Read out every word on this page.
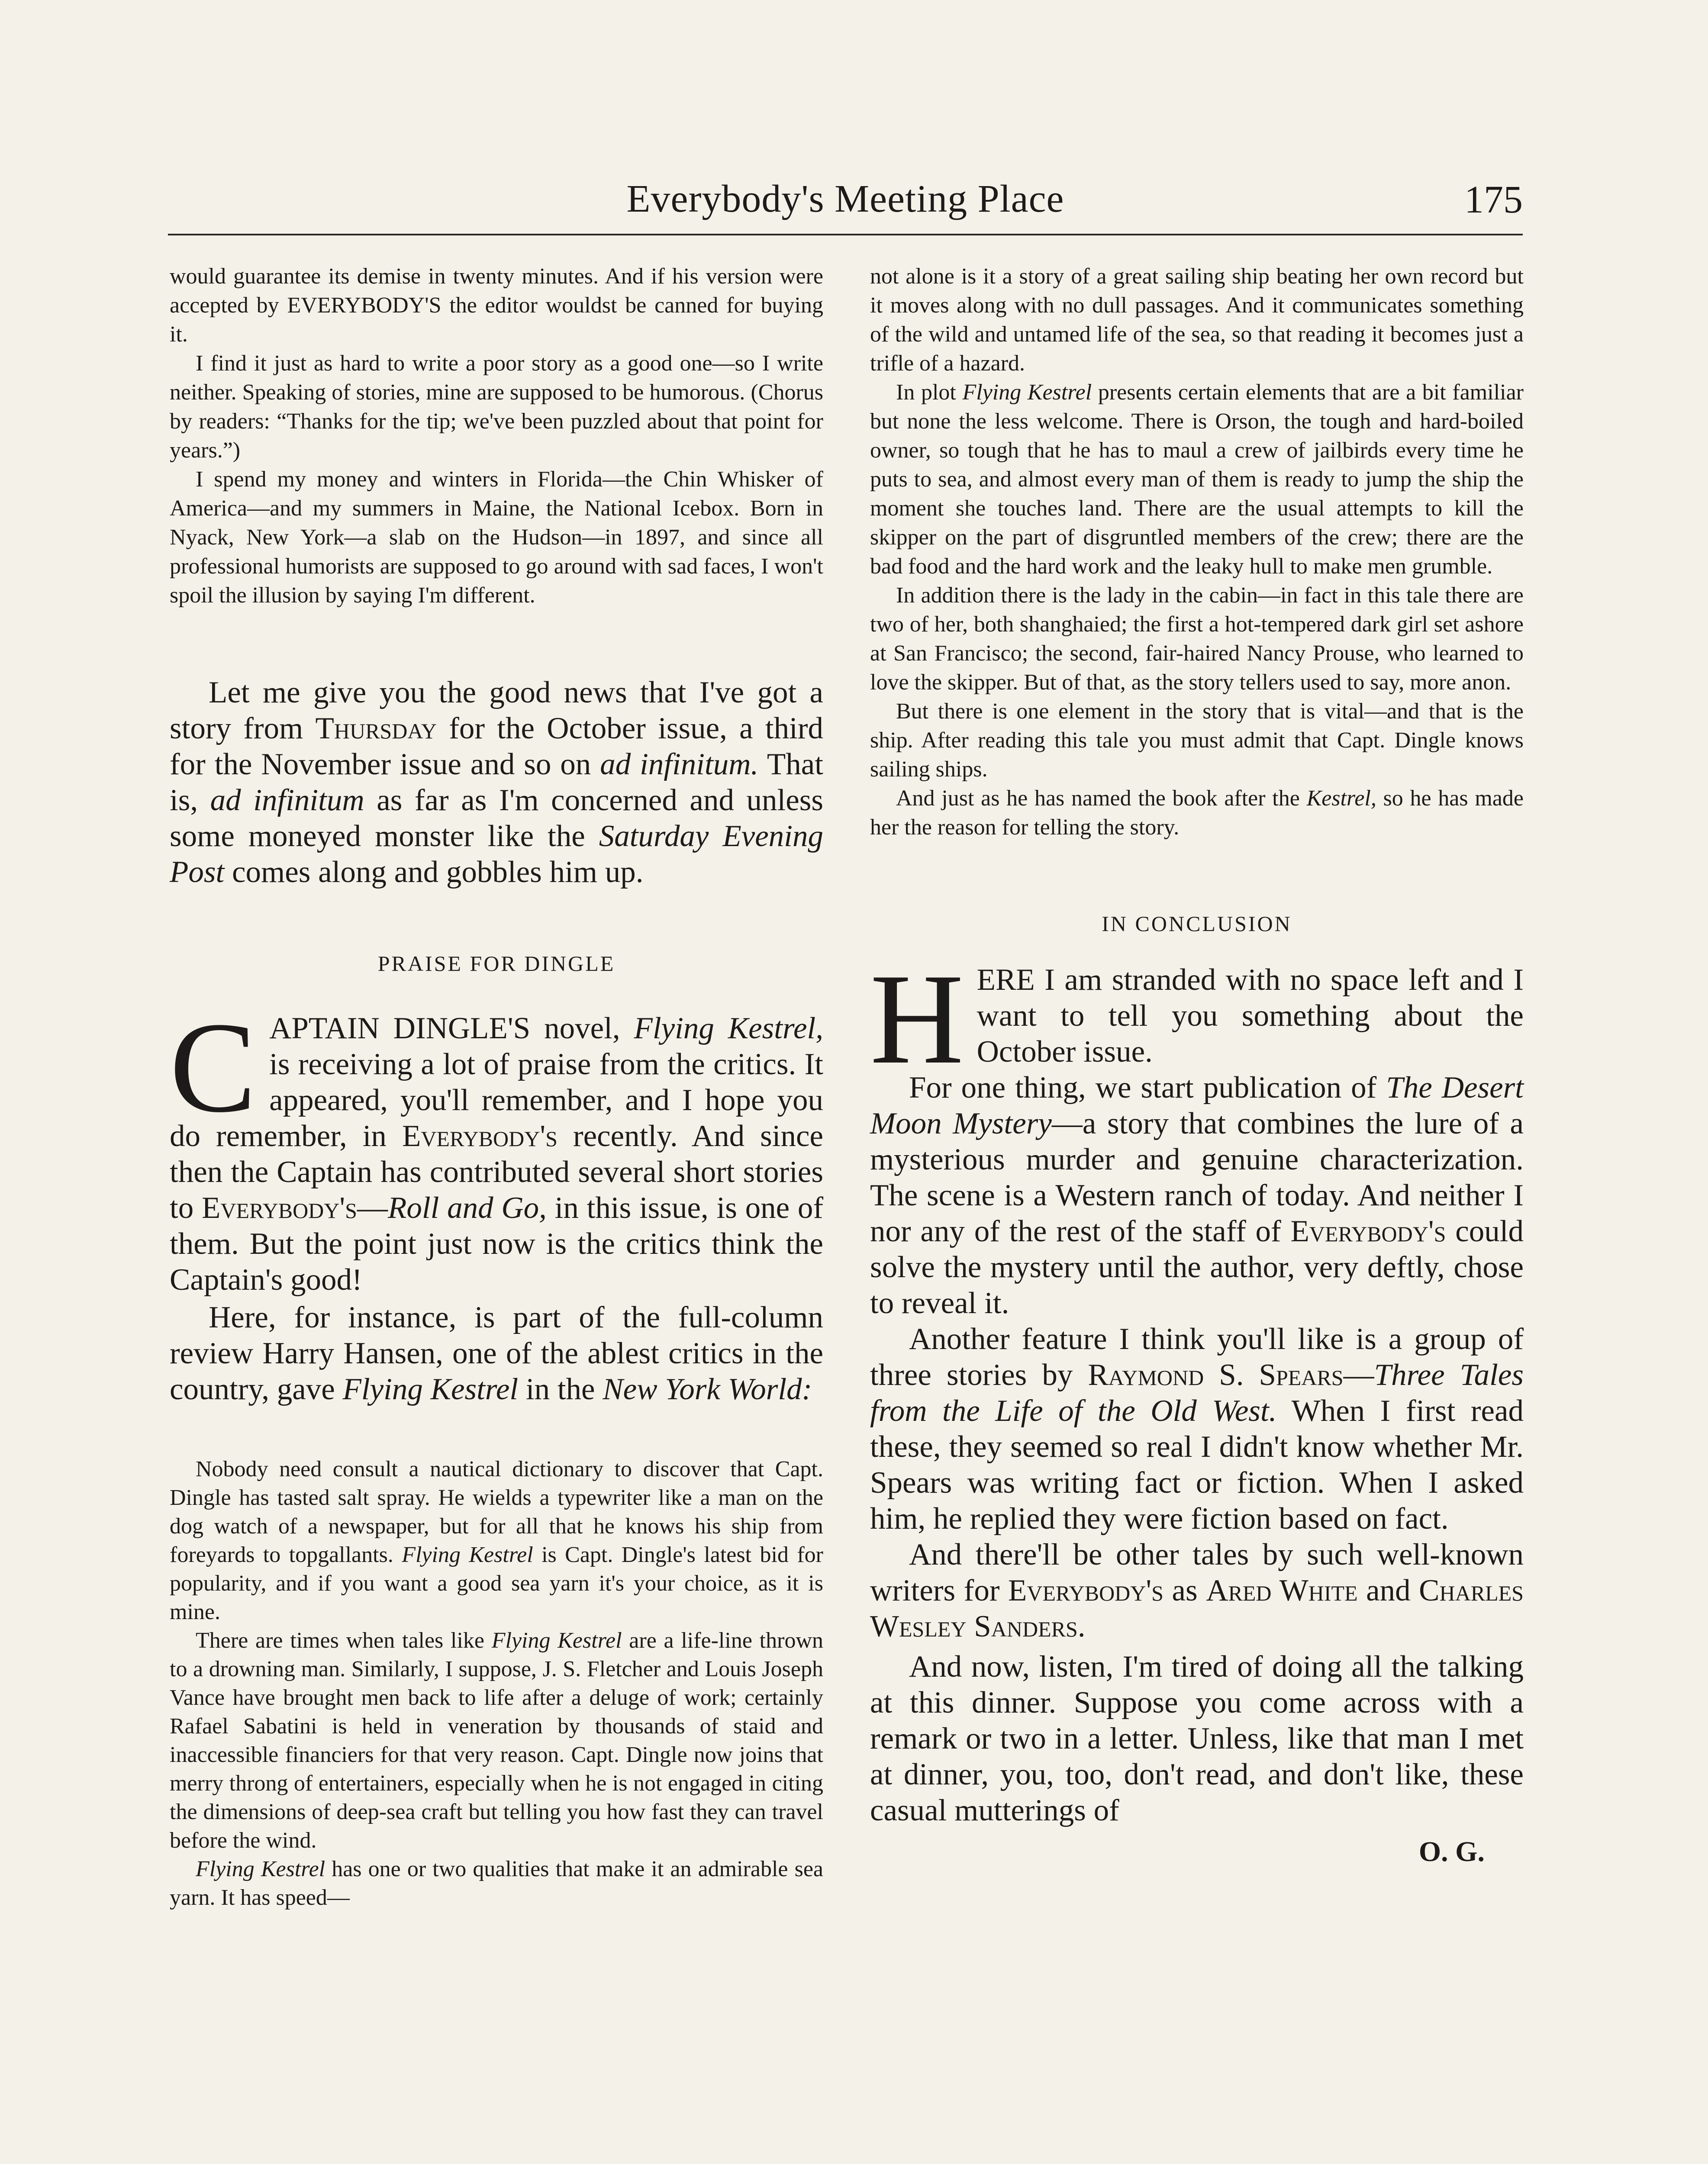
Everybody's Meeting Place	175

would guarantee its demise in twenty minutes. And if his version were accepted by EVERYBODY'S the editor wouldst be canned for buying it.

I find it just as hard to write a poor story as a good one—so I write neither. Speaking of stories, mine are supposed to be humorous. (Chorus by readers: “Thanks for the tip; we've been puzzled about that point for years.”)

I spend my money and winters in Florida—the Chin Whisker of America—and my summers in Maine, the National Icebox. Born in Nyack, New York—a slab on the Hudson—in 1897, and since all professional humorists are supposed to go around with sad faces, I won't spoil the illusion by saying I'm different.

Let me give you the good news that I've got a story from Thursday for the October issue, a third for the November issue and so on ad infinitum. That is, ad infinitum as far as I'm concerned and unless some moneyed monster like the Saturday Evening Post comes along and gobbles him up.

PRAISE FOR DINGLE

CAPTAIN DINGLE'S novel, Flying Kestrel, is receiving a lot of praise from the critics. It appeared, you'll remember, and I hope you do remember, in Everybody's recently. And since then the Captain has contributed several short stories to Everybody's—Roll and Go, in this issue, is one of them. But the point just now is the critics think the Captain's good!

Here, for instance, is part of the full-column review Harry Hansen, one of the ablest critics in the country, gave Flying Kestrel in the New York World:

Nobody need consult a nautical dictionary to discover that Capt. Dingle has tasted salt spray. He wields a typewriter like a man on the dog watch of a newspaper, but for all that he knows his ship from foreyards to topgallants. Flying Kestrel is Capt. Dingle's latest bid for popularity, and if you want a good sea yarn it's your choice, as it is mine.

There are times when tales like Flying Kestrel are a life-line thrown to a drowning man. Similarly, I suppose, J. S. Fletcher and Louis Joseph Vance have brought men back to life after a deluge of work; certainly Rafael Sabatini is held in veneration by thousands of staid and inaccessible financiers for that very reason. Capt. Dingle now joins that merry throng of entertainers, especially when he is not engaged in citing the dimensions of deep-sea craft but telling you how fast they can travel before the wind.

Flying Kestrel has one or two qualities that make it an admirable sea yarn. It has speed—

not alone is it a story of a great sailing ship beating her own record but it moves along with no dull passages. And it communicates something of the wild and untamed life of the sea, so that reading it becomes just a trifle of a hazard.

In plot Flying Kestrel presents certain elements that are a bit familiar but none the less welcome. There is Orson, the tough and hard-boiled owner, so tough that he has to maul a crew of jailbirds every time he puts to sea, and almost every man of them is ready to jump the ship the moment she touches land. There are the usual attempts to kill the skipper on the part of disgruntled members of the crew; there are the bad food and the hard work and the leaky hull to make men grumble.

In addition there is the lady in the cabin—in fact in this tale there are two of her, both shanghaied; the first a hot-tempered dark girl set ashore at San Francisco; the second, fair-haired Nancy Prouse, who learned to love the skipper. But of that, as the story tellers used to say, more anon.

But there is one element in the story that is vital—and that is the ship. After reading this tale you must admit that Capt. Dingle knows sailing ships.

And just as he has named the book after the Kestrel, so he has made her the reason for telling the story.

IN CONCLUSION

HERE I am stranded with no space left and I want to tell you something about the October issue.

For one thing, we start publication of The Desert Moon Mystery—a story that combines the lure of a mysterious murder and genuine characterization. The scene is a Western ranch of today. And neither I nor any of the rest of the staff of Everybody's could solve the mystery until the author, very deftly, chose to reveal it.

Another feature I think you'll like is a group of three stories by Raymond S. Spears—Three Tales from the Life of the Old West. When I first read these, they seemed so real I didn't know whether Mr. Spears was writing fact or fiction. When I asked him, he replied they were fiction based on fact.

And there'll be other tales by such well-known writers for Everybody's as Ared White and Charles Wesley Sanders.

And now, listen, I'm tired of doing all the talking at this dinner. Suppose you come across with a remark or two in a letter. Unless, like that man I met at dinner, you, too, don't read, and don't like, these casual mutterings of

O. G.
